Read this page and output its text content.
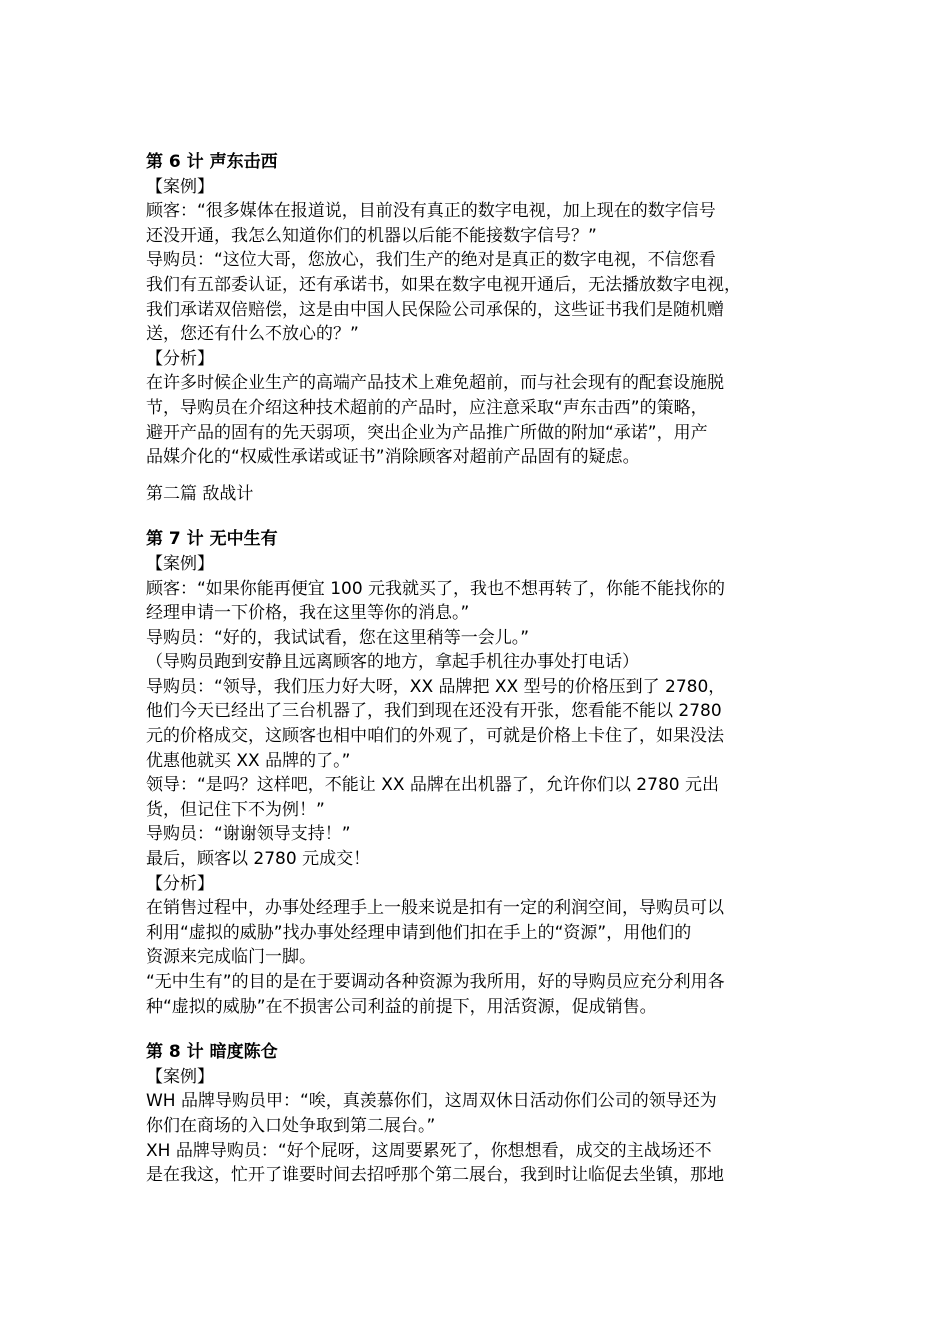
第 6 计 声东击西
【案例】
顾客：“很多媒体在报道说，目前没有真正的数字电视，加上现在的数字信号
还没开通，我怎么知道你们的机器以后能不能接数字信号？”
导购员：“这位大哥，您放心，我们生产的绝对是真正的数字电视，不信您看
我们有五部委认证，还有承诺书，如果在数字电视开通后，无法播放数字电视，
我们承诺双倍赔偿，这是由中国人民保险公司承保的，这些证书我们是随机赠
送，您还有什么不放心的？”
【分析】
在许多时候企业生产的高端产品技术上难免超前，而与社会现有的配套设施脱
节，导购员在介绍这种技术超前的产品时，应注意采取“声东击西”的策略，
避开产品的固有的先天弱项，突出企业为产品推广所做的附加“承诺”，用产
品媒介化的“权威性承诺或证书”消除顾客对超前产品固有的疑虑。
第二篇 敌战计
第 7 计 无中生有
【案例】
顾客：“如果你能再便宜 100 元我就买了，我也不想再转了，你能不能找你的
经理申请一下价格，我在这里等你的消息。”
导购员：“好的，我试试看，您在这里稍等一会儿。”
（导购员跑到安静且远离顾客的地方，拿起手机往办事处打电话）
导购员：“领导，我们压力好大呀，XX 品牌把 XX 型号的价格压到了 2780，
他们今天已经出了三台机器了，我们到现在还没有开张，您看能不能以 2780
元的价格成交，这顾客也相中咱们的外观了，可就是价格上卡住了，如果没法
优惠他就买 XX 品牌的了。”
领导：“是吗？这样吧，不能让 XX 品牌在出机器了，允许你们以 2780 元出
货，但记住下不为例！”
导购员：“谢谢领导支持！”
最后，顾客以 2780 元成交！
【分析】
在销售过程中，办事处经理手上一般来说是扣有一定的利润空间，导购员可以
利用“虚拟的威胁”找办事处经理申请到他们扣在手上的“资源”，用他们的
资源来完成临门一脚。
“无中生有”的目的是在于要调动各种资源为我所用，好的导购员应充分利用各
种“虚拟的威胁”在不损害公司利益的前提下，用活资源，促成销售。
第 8 计 暗度陈仓
【案例】
WH 品牌导购员甲：“唉，真羡慕你们，这周双休日活动你们公司的领导还为
你们在商场的入口处争取到第二展台。”
XH 品牌导购员：“好个屁呀，这周要累死了，你想想看，成交的主战场还不
是在我这，忙开了谁要时间去招呼那个第二展台，我到时让临促去坐镇，那地
